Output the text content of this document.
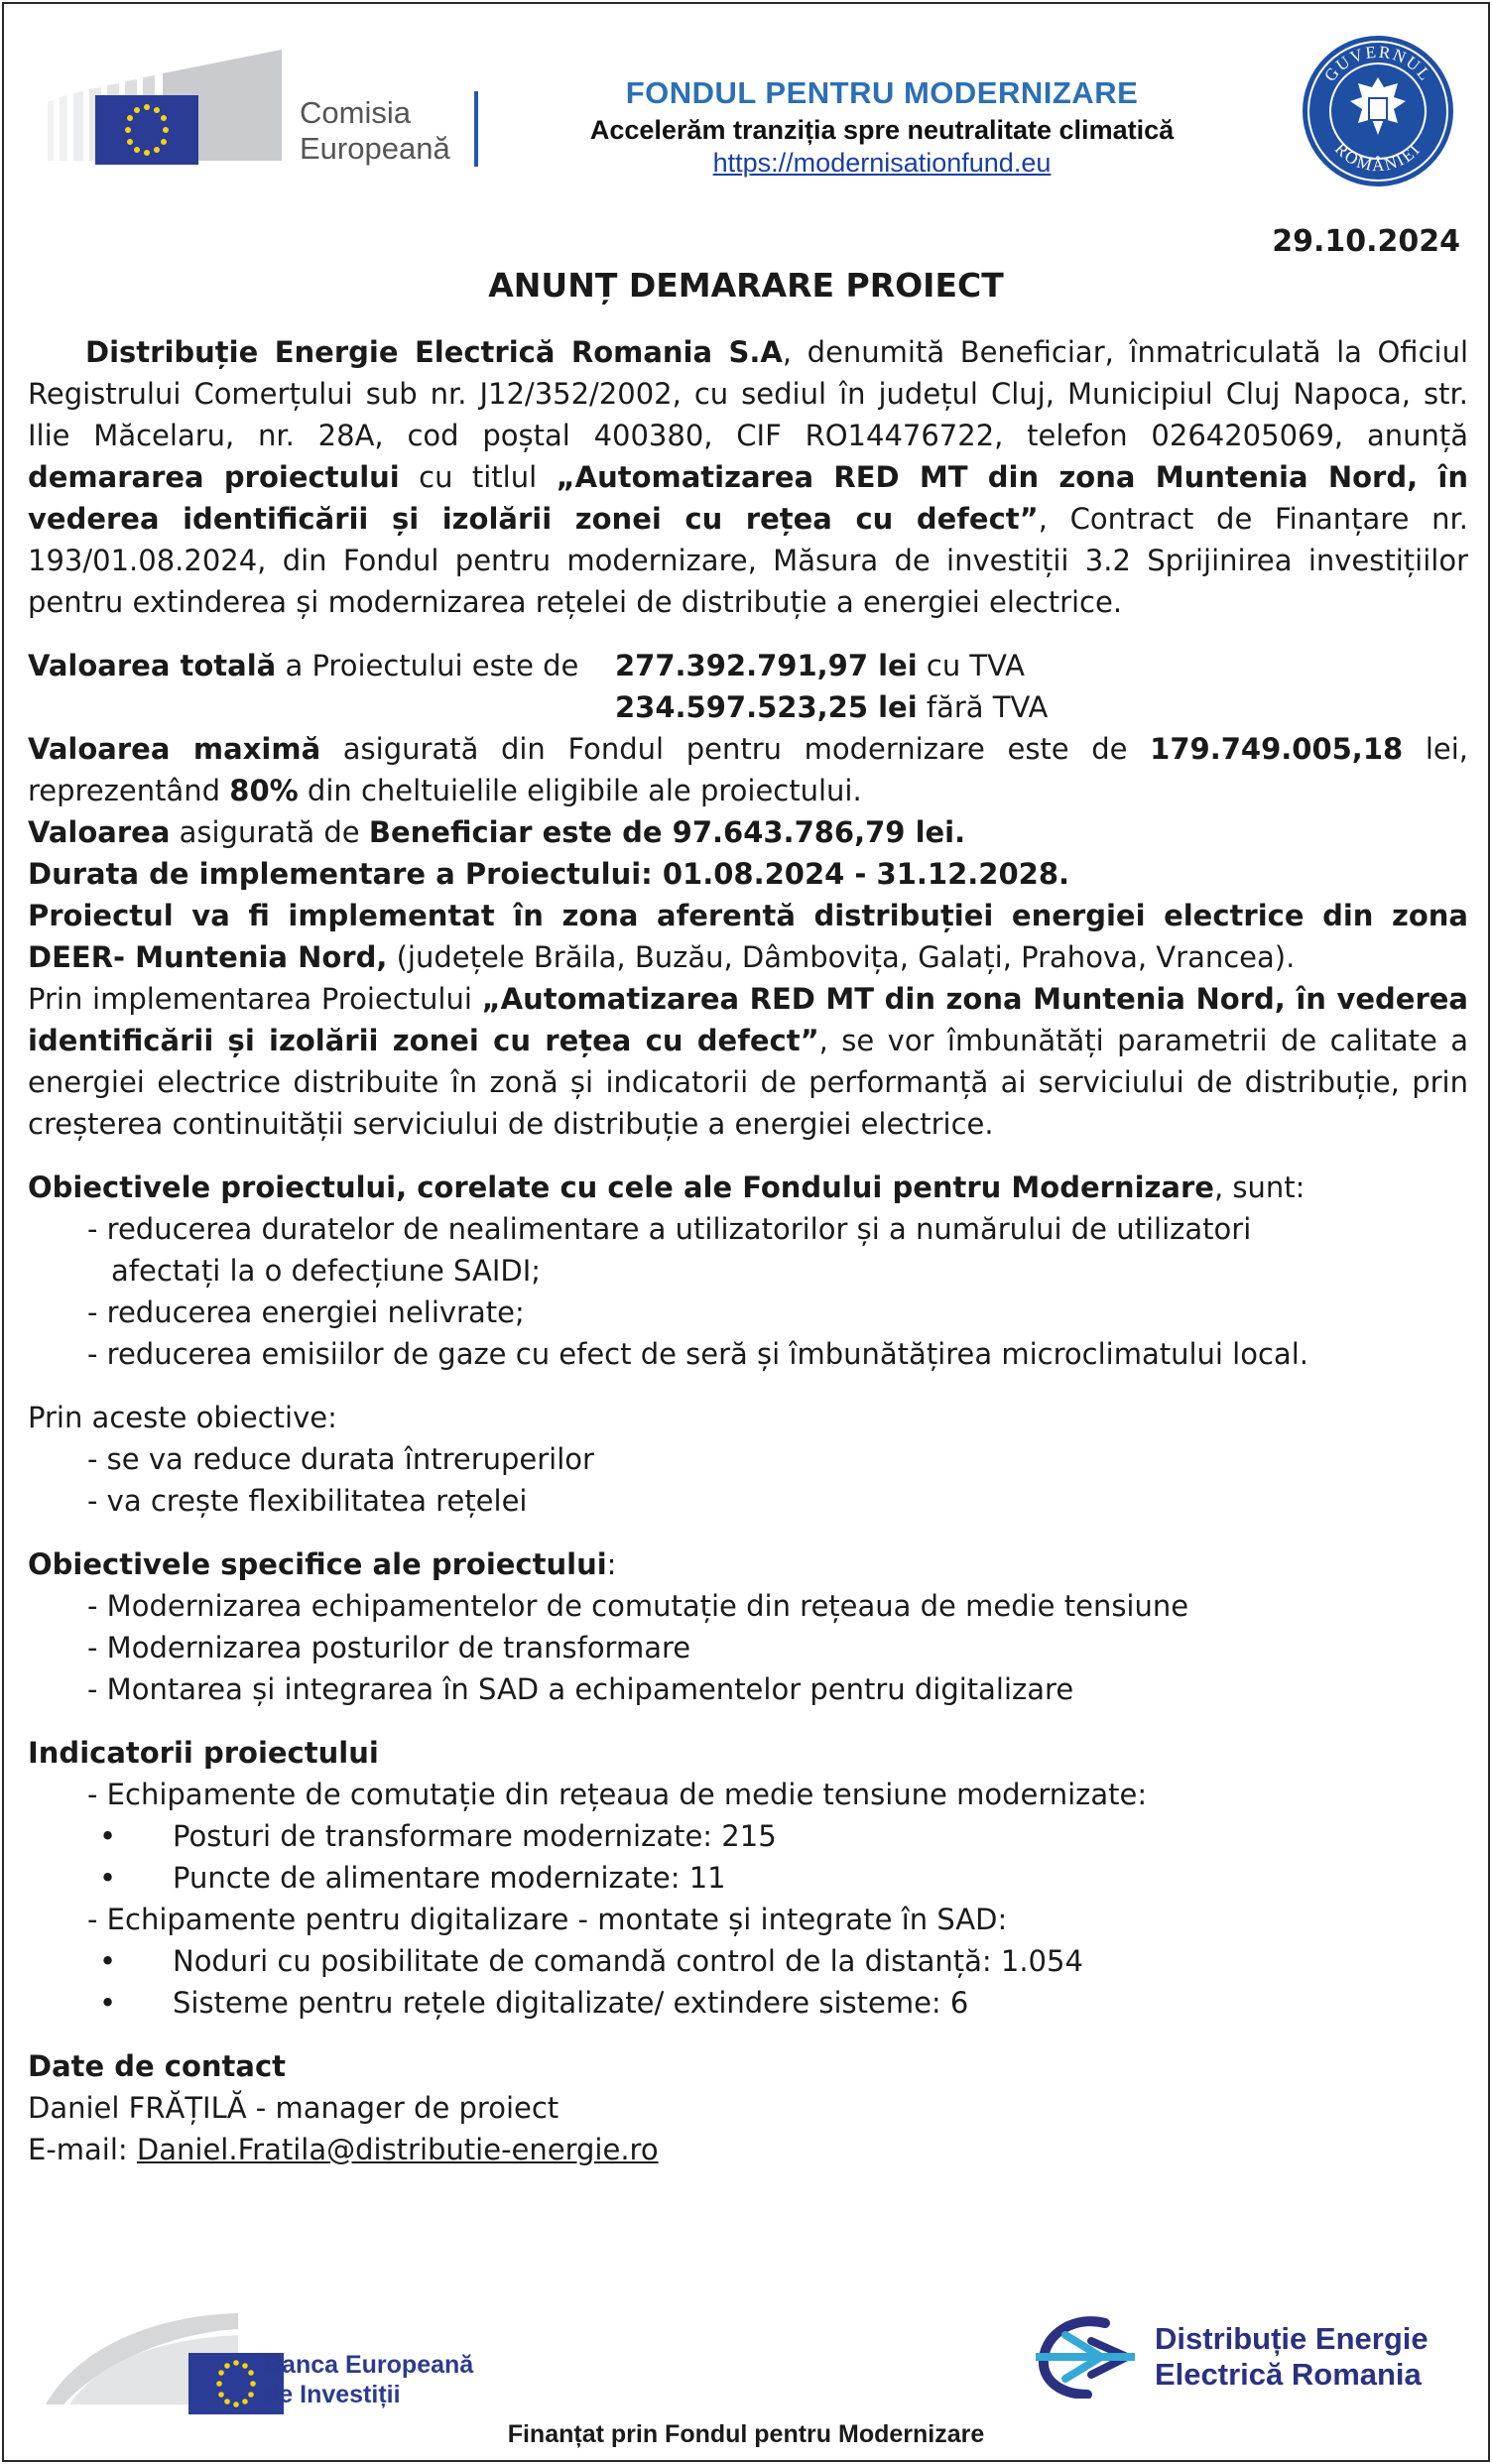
Comisia
Europeană
FONDUL PENTRU MODERNIZARE
Accelerăm tranziția spre neutralitate climatică
https://modernisationfund.eu
GUVERNUL
ROMÂNIEI
29.10.2024
ANUNȚ DEMARARE PROIECT

Distribuție Energie Electrică Romania S.A, denumită Beneficiar, înmatriculată la Oficiul Registrului Comerțului sub nr. J12/352/2002, cu sediul în județul Cluj, Municipiul Cluj Napoca, str. Ilie Măcelaru, nr. 28A, cod poștal 400380, CIF RO14476722, telefon 0264205069, anunță demararea proiectului cu titlul „Automatizarea RED MT din zona Muntenia Nord, în vederea identificării și izolării zonei cu rețea cu defect”, Contract de Finanțare nr. 193/01.08.2024, din Fondul pentru modernizare, Măsura de investiții 3.2 Sprijinirea investițiilor pentru extinderea și modernizarea rețelei de distribuție a energiei electrice.

Valoarea totală a Proiectului este de	277.392.791,97 lei cu TVA
234.597.523,25 lei fără TVA

Valoarea maximă asigurată din Fondul pentru modernizare este de 179.749.005,18 lei, reprezentând 80% din cheltuielile eligibile ale proiectului.

Valoarea asigurată de Beneficiar este de 97.643.786,79 lei.

Durata de implementare a Proiectului: 01.08.2024 - 31.12.2028.

Proiectul va fi implementat în zona aferentă distribuției energiei electrice din zona DEER- Muntenia Nord, (județele Brăila, Buzău, Dâmbovița, Galați, Prahova, Vrancea).

Prin implementarea Proiectului „Automatizarea RED MT din zona Muntenia Nord, în vederea identificării și izolării zonei cu rețea cu defect”, se vor îmbunătăți parametrii de calitate a energiei electrice distribuite în zonă și indicatorii de performanță ai serviciului de distribuție, prin creșterea continuității serviciului de distribuție a energiei electrice.

Obiectivele proiectului, corelate cu cele ale Fondului pentru Modernizare, sunt:

- reducerea duratelor de nealimentare a utilizatorilor și a numărului de utilizatori

afectați la o defecțiune SAIDI;

- reducerea energiei nelivrate;

- reducerea emisiilor de gaze cu efect de seră și îmbunătățirea microclimatului local.

Prin aceste obiective:

- se va reduce durata întreruperilor

- va crește flexibilitatea rețelei

Obiectivele specifice ale proiectului:

- Modernizarea echipamentelor de comutație din rețeaua de medie tensiune

- Modernizarea posturilor de transformare

- Montarea și integrarea în SAD a echipamentelor pentru digitalizare

Indicatorii proiectului

- Echipamente de comutație din rețeaua de medie tensiune modernizate:

•	Posturi de transformare modernizate: 215
•	Puncte de alimentare modernizate: 11

- Echipamente pentru digitalizare - montate și integrate în SAD:

•	Noduri cu posibilitate de comandă control de la distanță: 1.054
•	Sisteme pentru rețele digitalizate/ extindere sisteme: 6

Date de contact

Daniel FRĂȚILĂ - manager de proiect

E-mail: Daniel.Fratila@distributie-energie.ro

Banca Europeană
de Investiții
Distribuție Energie
Electrică Romania
Finanțat prin Fondul pentru Modernizare
